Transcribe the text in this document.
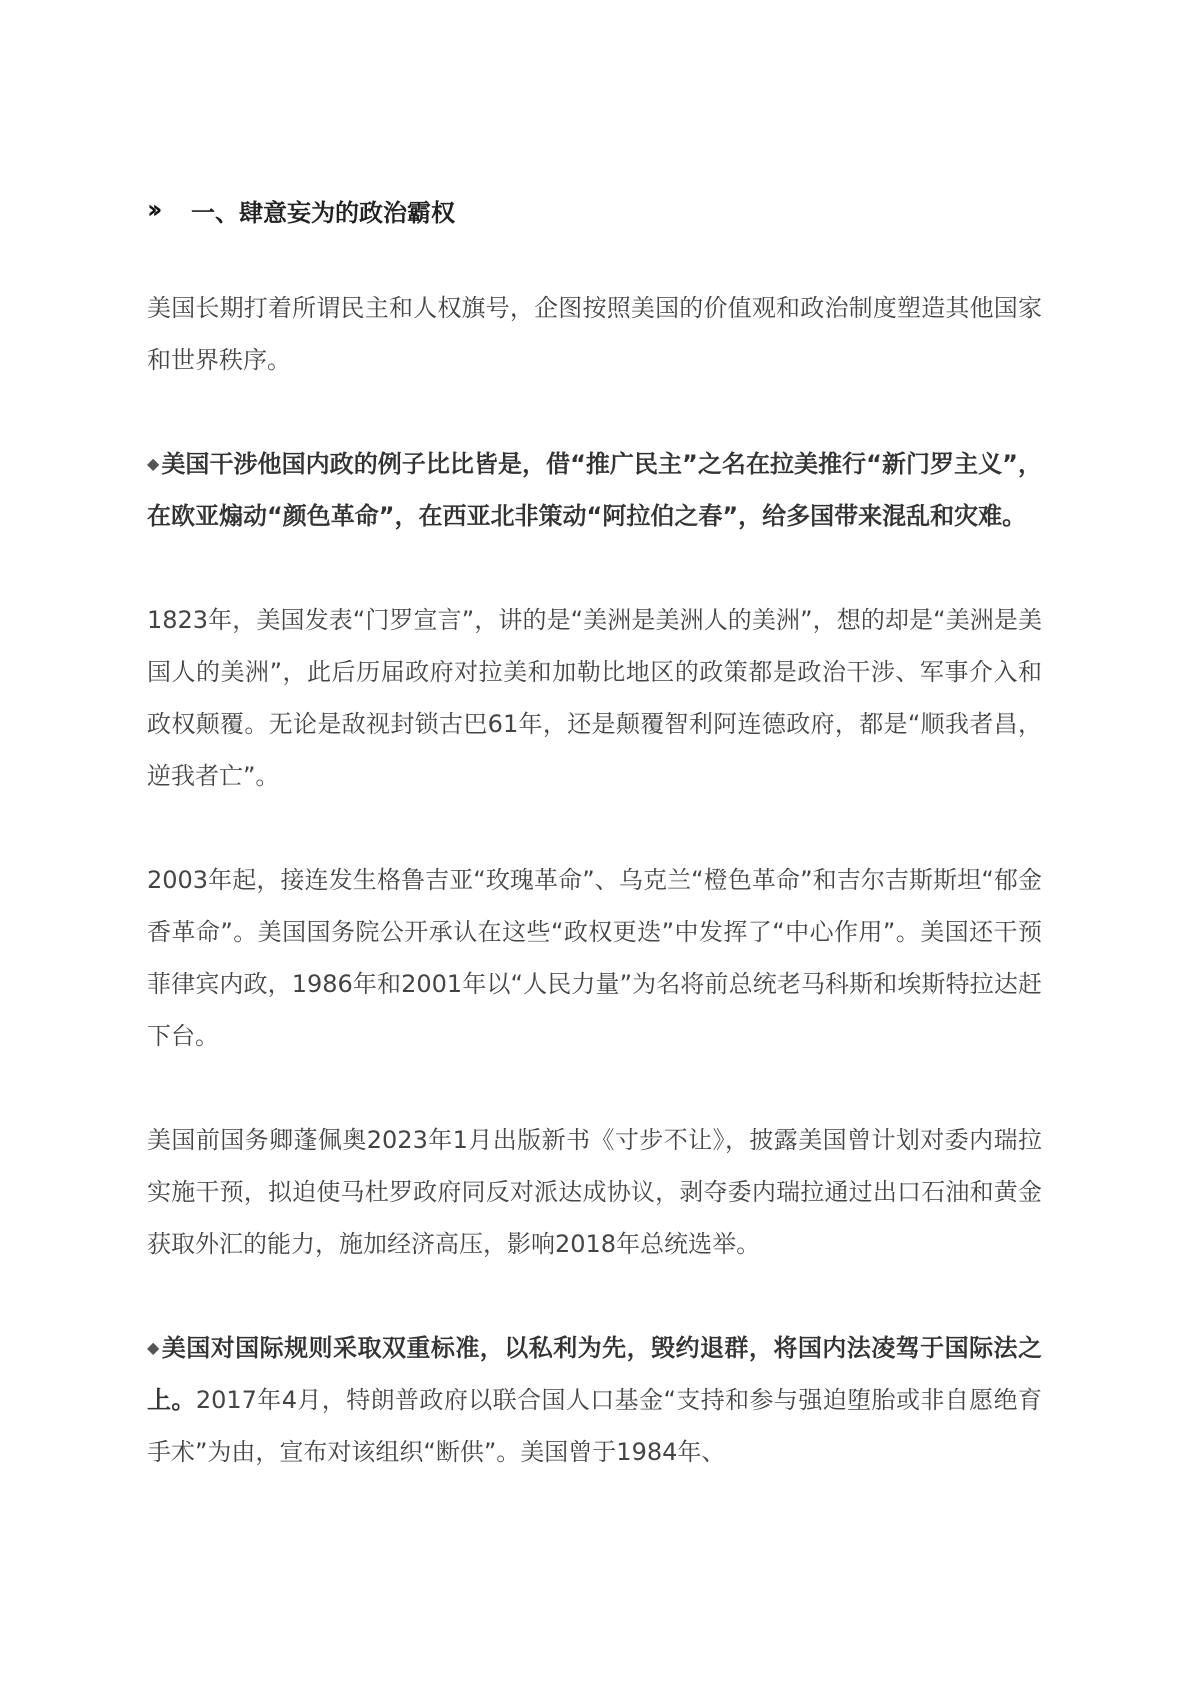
››	一、肆意妄为的政治霸权

美国长期打着所谓民主和人权旗号，企图按照美国的价值观和政治制度塑造其他国家和世界秩序。

◆美国干涉他国内政的例子比比皆是，借“推广民主”之名在拉美推行“新门罗主义”，在欧亚煽动“颜色革命”，在西亚北非策动“阿拉伯之春”，给多国带来混乱和灾难。

1823年，美国发表“门罗宣言”，讲的是“美洲是美洲人的美洲”，想的却是“美洲是美国人的美洲”，此后历届政府对拉美和加勒比地区的政策都是政治干涉、军事介入和政权颠覆。无论是敌视封锁古巴61年，还是颠覆智利阿连德政府，都是“顺我者昌，逆我者亡”。

2003年起，接连发生格鲁吉亚“玫瑰革命”、乌克兰“橙色革命”和吉尔吉斯斯坦“郁金香革命”。美国国务院公开承认在这些“政权更迭”中发挥了“中心作用”。美国还干预菲律宾内政，1986年和2001年以“人民力量”为名将前总统老马科斯和埃斯特拉达赶下台。

美国前国务卿蓬佩奥2023年1月出版新书《寸步不让》，披露美国曾计划对委内瑞拉实施干预，拟迫使马杜罗政府同反对派达成协议，剥夺委内瑞拉通过出口石油和黄金获取外汇的能力，施加经济高压，影响2018年总统选举。

◆美国对国际规则采取双重标准，以私利为先，毁约退群，将国内法凌驾于国际法之上。2017年4月，特朗普政府以联合国人口基金“支持和参与强迫堕胎或非自愿绝育手术”为由，宣布对该组织“断供”。美国曾于1984年、
